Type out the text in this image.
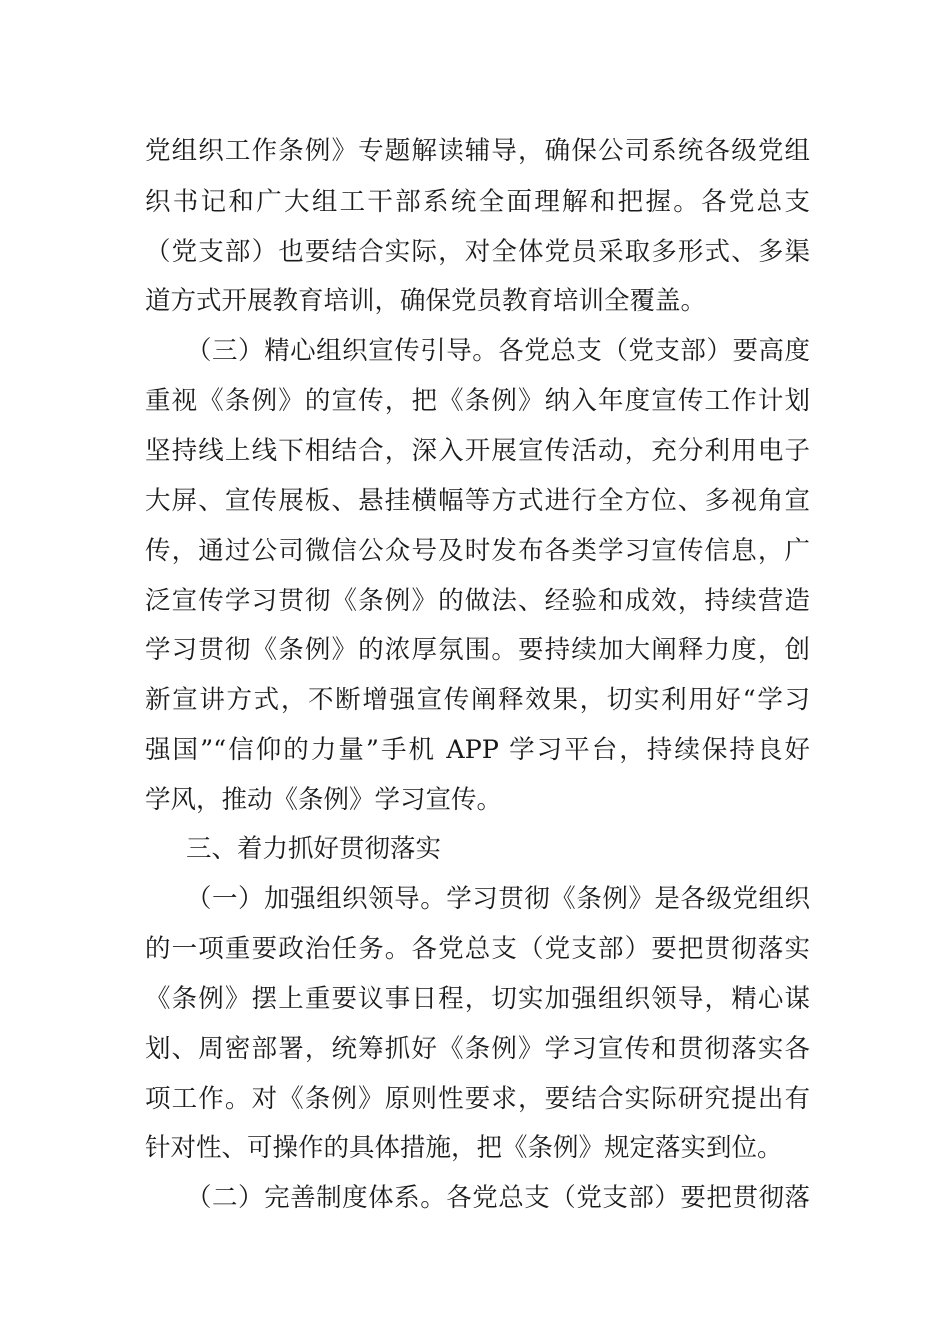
党组织工作条例》专题解读辅导，确保公司系统各级党组
织书记和广大组工干部系统全面理解和把握。各党总支
（党支部）也要结合实际，对全体党员采取多形式、多渠
道方式开展教育培训，确保党员教育培训全覆盖。
（三）精心组织宣传引导。各党总支（党支部）要高度
重视《条例》的宣传，把《条例》纳入年度宣传工作计划
坚持线上线下相结合，深入开展宣传活动，充分利用电子
大屏、宣传展板、悬挂横幅等方式进行全方位、多视角宣
传，通过公司微信公众号及时发布各类学习宣传信息，广
泛宣传学习贯彻《条例》的做法、经验和成效，持续营造
学习贯彻《条例》的浓厚氛围。要持续加大阐释力度，创
新宣讲方式，不断增强宣传阐释效果，切实利用好“学习
强国”“信仰的力量”手机 APP 学习平台，持续保持良好
学风，推动《条例》学习宣传。
三、着力抓好贯彻落实
（一）加强组织领导。学习贯彻《条例》是各级党组织
的一项重要政治任务。各党总支（党支部）要把贯彻落实
《条例》摆上重要议事日程，切实加强组织领导，精心谋
划、周密部署，统筹抓好《条例》学习宣传和贯彻落实各
项工作。对《条例》原则性要求，要结合实际研究提出有
针对性、可操作的具体措施，把《条例》规定落实到位。
（二）完善制度体系。各党总支（党支部）要把贯彻落
